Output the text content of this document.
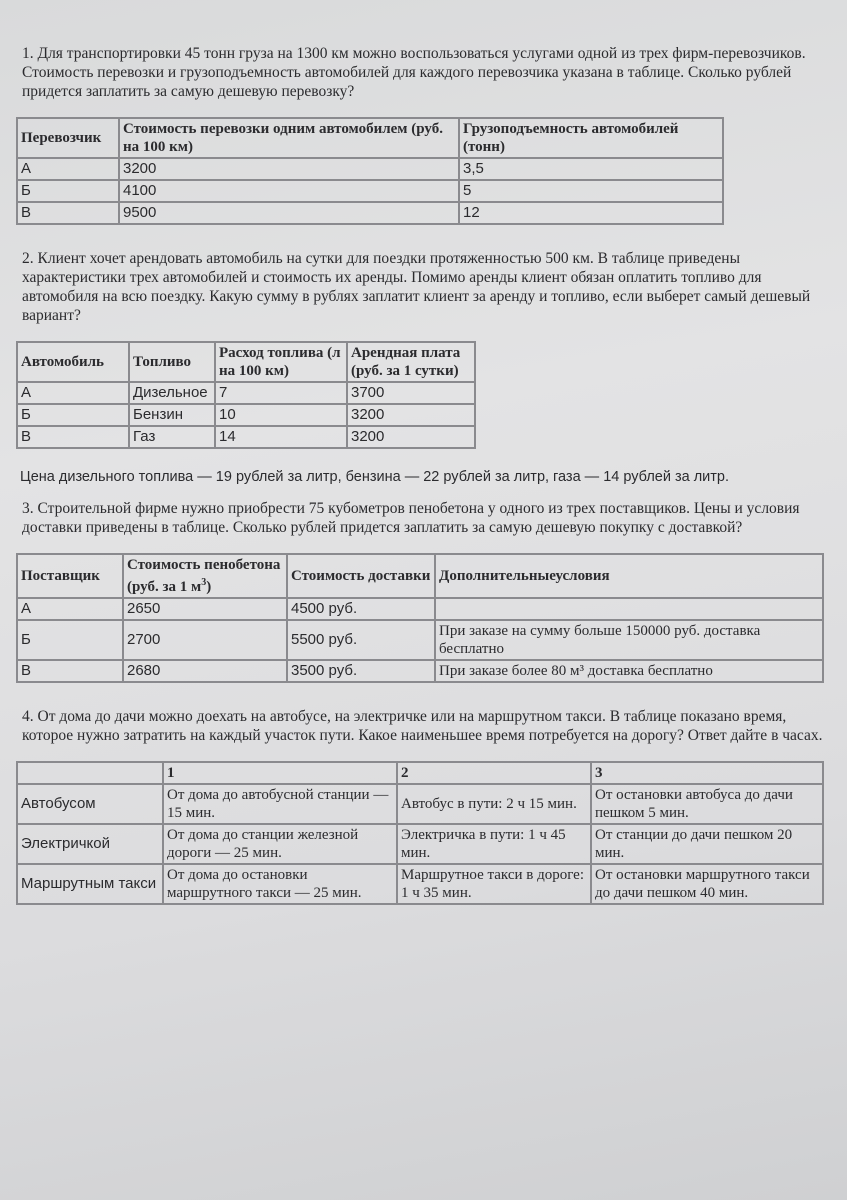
1. Для транспортировки 45 тонн груза на 1300 км можно воспользоваться услугами одной из трех фирм-перевозчиков. Стоимость перевозки и грузоподъемность автомобилей для каждого перевозчика указана в таблице. Сколько рублей придется заплатить за самую дешевую перевозку?

Перевозчик	Стоимость перевозки одним автомобилем (руб. на 100 км)	Грузоподъемность автомобилей (тонн)
А	3200	3,5
Б	4100	5
В	9500	12

2. Клиент хочет арендовать автомобиль на сутки для поездки протяженностью 500 км. В таблице приведены характеристики трех автомобилей и стоимость их аренды. Помимо аренды клиент обязан оплатить топливо для автомобиля на всю поездку. Какую сумму в рублях заплатит клиент за аренду и топливо, если выберет самый дешевый вариант?

Автомобиль	Топливо	Расход топлива (л на 100 км)	Арендная плата (руб. за 1 сутки)
А	Дизельное	7	3700
Б	Бензин	10	3200
В	Газ	14	3200

Цена дизельного топлива — 19 рублей за литр, бензина — 22 рублей за литр, газа — 14 рублей за литр.

3. Строительной фирме нужно приобрести 75 кубометров пенобетона у одного из трех поставщиков. Цены и условия доставки приведены в таблице. Сколько рублей придется заплатить за самую дешевую покупку с доставкой?

Поставщик	Стоимость пенобетона (руб. за 1 $м^3$)	Стоимость доставки	Дополнительныеусловия
А	2650	4500 руб.	
Б	2700	5500 руб.	При заказе на сумму больше 150000 руб. доставка бесплатно
В	2680	3500 руб.	При заказе более 80 м³ доставка бесплатно

4. От дома до дачи можно доехать на автобусе, на электричке или на маршрутном такси. В таблице показано время, которое нужно затратить на каждый участок пути. Какое наименьшее время потребуется на дорогу? Ответ дайте в часах.

	1	2	3
Автобусом	От дома до автобусной станции — 15 мин.	Автобус в пути: 2 ч 15 мин.	От остановки автобуса до дачи пешком 5 мин.
Электричкой	От дома до станции железной дороги — 25 мин.	Электричка в пути: 1 ч 45 мин.	От станции до дачи пешком 20 мин.
Маршрутным такси	От дома до остановки маршрутного такси — 25 мин.	Маршрутное такси в дороге: 1 ч 35 мин.	От остановки маршрутного такси до дачи пешком 40 мин.
